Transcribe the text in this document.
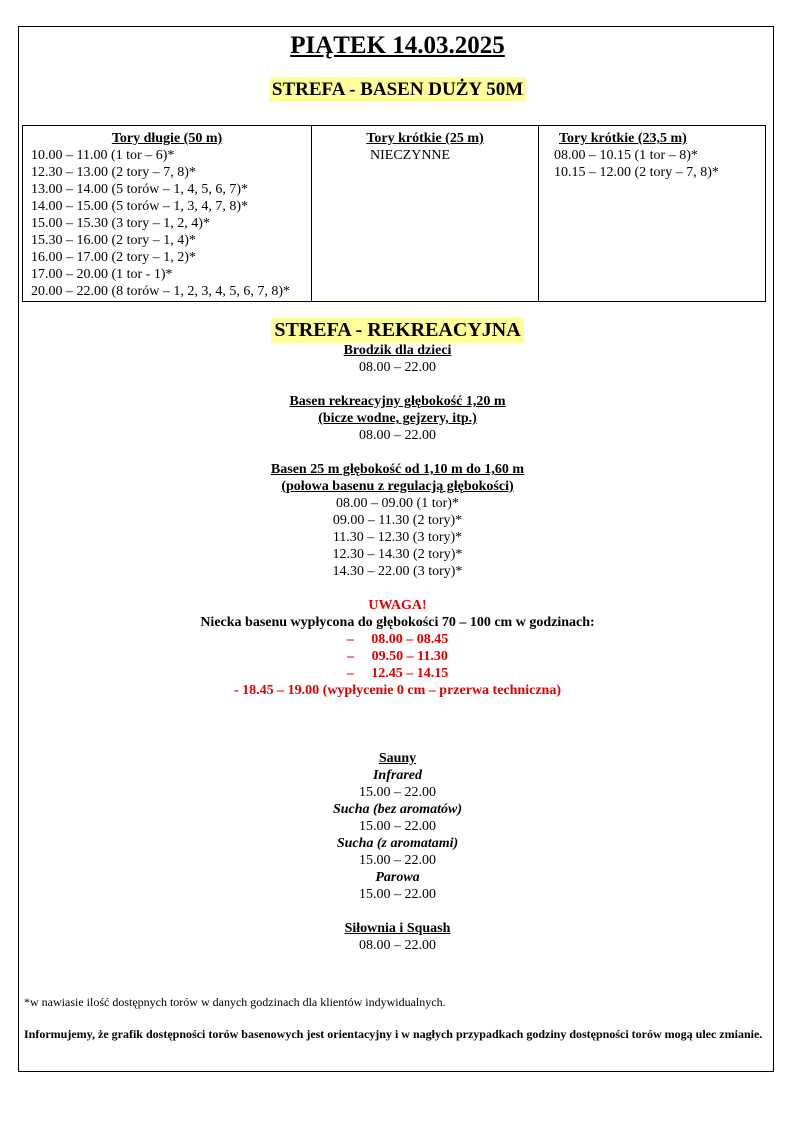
PIĄTEK 14.03.2025
STREFA - BASEN DUŻY 50M
Tory długie (50 m)
10.00 – 11.00 (1 tor – 6)*
12.30 – 13.00 (2 tory – 7, 8)*
13.00 – 14.00 (5 torów – 1, 4, 5, 6, 7)*
14.00 – 15.00 (5 torów – 1, 3, 4, 7, 8)*
15.00 – 15.30 (3 tory – 1, 2, 4)*
15.30 – 16.00 (2 tory – 1, 4)*
16.00 – 17.00 (2 tory – 1, 2)*
17.00 – 20.00 (1 tor - 1)*
20.00 – 22.00 (8 torów – 1, 2, 3, 4, 5, 6, 7, 8)*

Tory krótkie (25 m)
NIECZYNNE

Tory krótkie (23,5 m)
08.00 – 10.15 (1 tor – 8)*
10.15 – 12.00 (2 tory – 7, 8)*
STREFA - REKREACYJNA
Brodzik dla dzieci
08.00 – 22.00
Basen rekreacyjny głębokość 1,20 m
(bicze wodne, gejzery, itp.)
08.00 – 22.00
Basen 25 m głębokość od 1,10 m do 1,60 m
(połowa basenu z regulacją głębokości)
08.00 – 09.00 (1 tor)*
09.00 – 11.30 (2 tory)*
11.30 – 12.30 (3 tory)*
12.30 – 14.30 (2 tory)*
14.30 – 22.00 (3 tory)*
UWAGA!
Niecka basenu wypłycona do głębokości 70 – 100 cm w godzinach:
–     08.00 – 08.45
–     09.50 – 11.30
–     12.45 – 14.15
- 18.45 – 19.00 (wypłycenie 0 cm – przerwa techniczna)
Sauny
Infrared
15.00 – 22.00
Sucha (bez aromatów)
15.00 – 22.00
Sucha (z aromatami)
15.00 – 22.00
Parowa
15.00 – 22.00
Siłownia i Squash
08.00 – 22.00
*w nawiasie ilość dostępnych torów w danych godzinach dla klientów indywidualnych.
Informujemy, że grafik dostępności torów basenowych jest orientacyjny i w nagłych przypadkach godziny dostępności torów mogą ulec zmianie.
